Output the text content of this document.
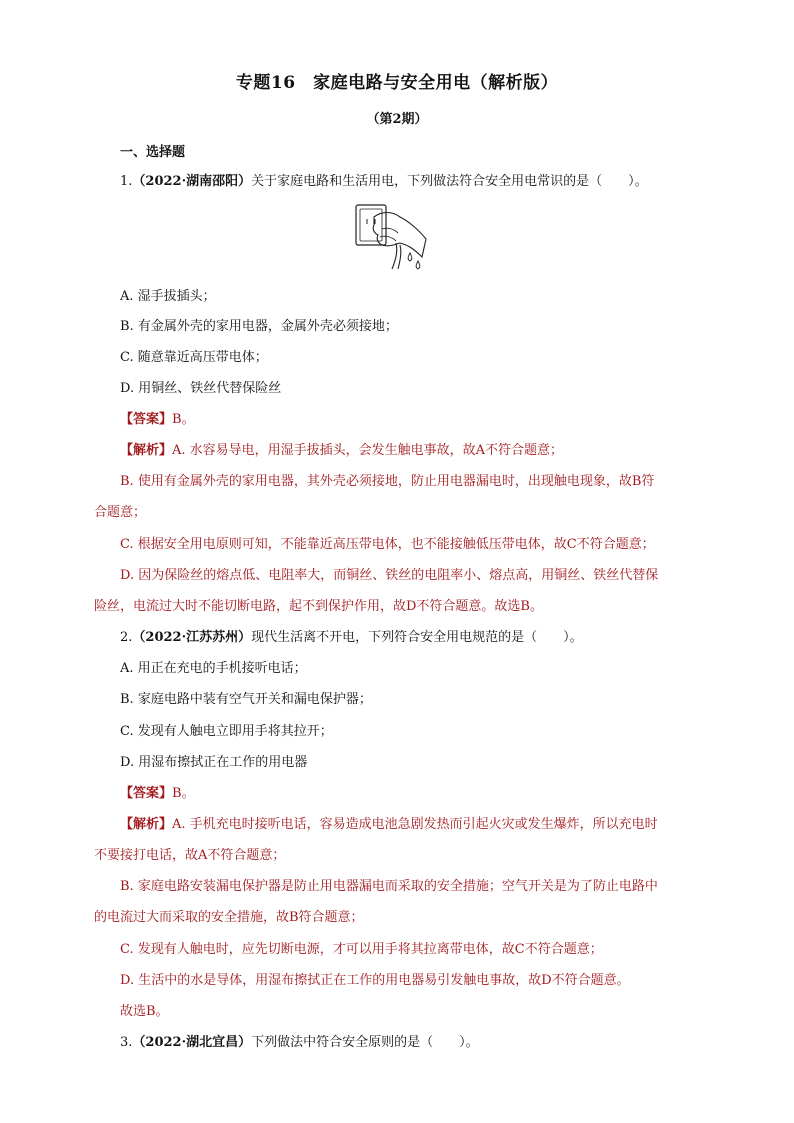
专题16　家庭电路与安全用电（解析版）
（第2期）
一、选择题
1.（2022·湖南邵阳）关于家庭电路和生活用电，下列做法符合安全用电常识的是（　　）。
A. 湿手拔插头；
B. 有金属外壳的家用电器，金属外壳必须接地；
C. 随意靠近高压带电体；
D. 用铜丝、铁丝代替保险丝
【答案】B。
【解析】A. 水容易导电，用湿手拔插头，会发生触电事故，故A不符合题意；
B. 使用有金属外壳的家用电器，其外壳必须接地，防止用电器漏电时，出现触电现象，故B符
合题意；
C. 根据安全用电原则可知，不能靠近高压带电体，也不能接触低压带电体，故C不符合题意；
D. 因为保险丝的熔点低、电阻率大，而铜丝、铁丝的电阻率小、熔点高，用铜丝、铁丝代替保
险丝，电流过大时不能切断电路，起不到保护作用，故D不符合题意。故选B。
2.（2022·江苏苏州）现代生活离不开电，下列符合安全用电规范的是（　　）。
A. 用正在充电的手机接听电话；
B. 家庭电路中装有空气开关和漏电保护器；
C. 发现有人触电立即用手将其拉开；
D. 用湿布擦拭正在工作的用电器
【答案】B。
【解析】A. 手机充电时接听电话，容易造成电池急剧发热而引起火灾或发生爆炸，所以充电时
不要接打电话，故A不符合题意；
B. 家庭电路安装漏电保护器是防止用电器漏电而采取的安全措施；空气开关是为了防止电路中
的电流过大而采取的安全措施，故B符合题意；
C. 发现有人触电时，应先切断电源，才可以用手将其拉离带电体，故C不符合题意；
D. 生活中的水是导体，用湿布擦拭正在工作的用电器易引发触电事故，故D不符合题意。
故选B。
3.（2022·湖北宜昌）下列做法中符合安全原则的是（　　）。
